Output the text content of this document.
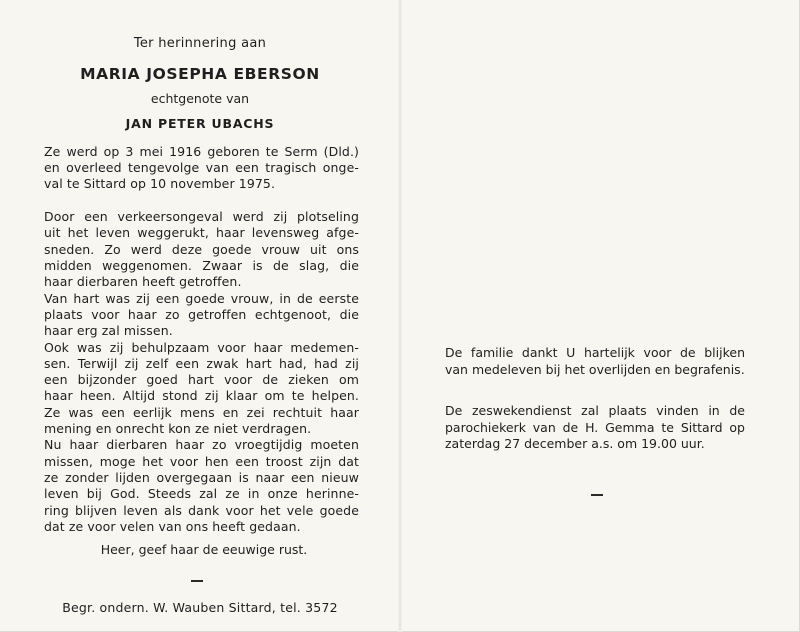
Ter herinnering aan
MARIA JOSEPHA EBERSON
echtgenote van
JAN PETER UBACHS
Ze werd op 3 mei 1916 geboren te Serm (Dld.)
en overleed tengevolge van een tragisch onge-
val te Sittard op 10 november 1975.
Door een verkeersongeval werd zij plotseling
uit het leven weggerukt, haar levensweg afge-
sneden. Zo werd deze goede vrouw uit ons
midden weggenomen. Zwaar is de slag, die
haar dierbaren heeft getroffen.
Van hart was zij een goede vrouw, in de eerste
plaats voor haar zo getroffen echtgenoot, die
haar erg zal missen.
Ook was zij behulpzaam voor haar medemen-
sen. Terwijl zij zelf een zwak hart had, had zij
een bijzonder goed hart voor de zieken om
haar heen. Altijd stond zij klaar om te helpen.
Ze was een eerlijk mens en zei rechtuit haar
mening en onrecht kon ze niet verdragen.
Nu haar dierbaren haar zo vroegtijdig moeten
missen, moge het voor hen een troost zijn dat
ze zonder lijden overgegaan is naar een nieuw
leven bij God. Steeds zal ze in onze herinne-
ring blijven leven als dank voor het vele goede
dat ze voor velen van ons heeft gedaan.
Heer, geef haar de eeuwige rust.
Begr. ondern. W. Wauben Sittard, tel. 3572
De familie dankt U hartelijk voor de blijken
van medeleven bij het overlijden en begrafenis.
De zeswekendienst zal plaats vinden in de
parochiekerk van de H. Gemma te Sittard op
zaterdag 27 december a.s. om 19.00 uur.
